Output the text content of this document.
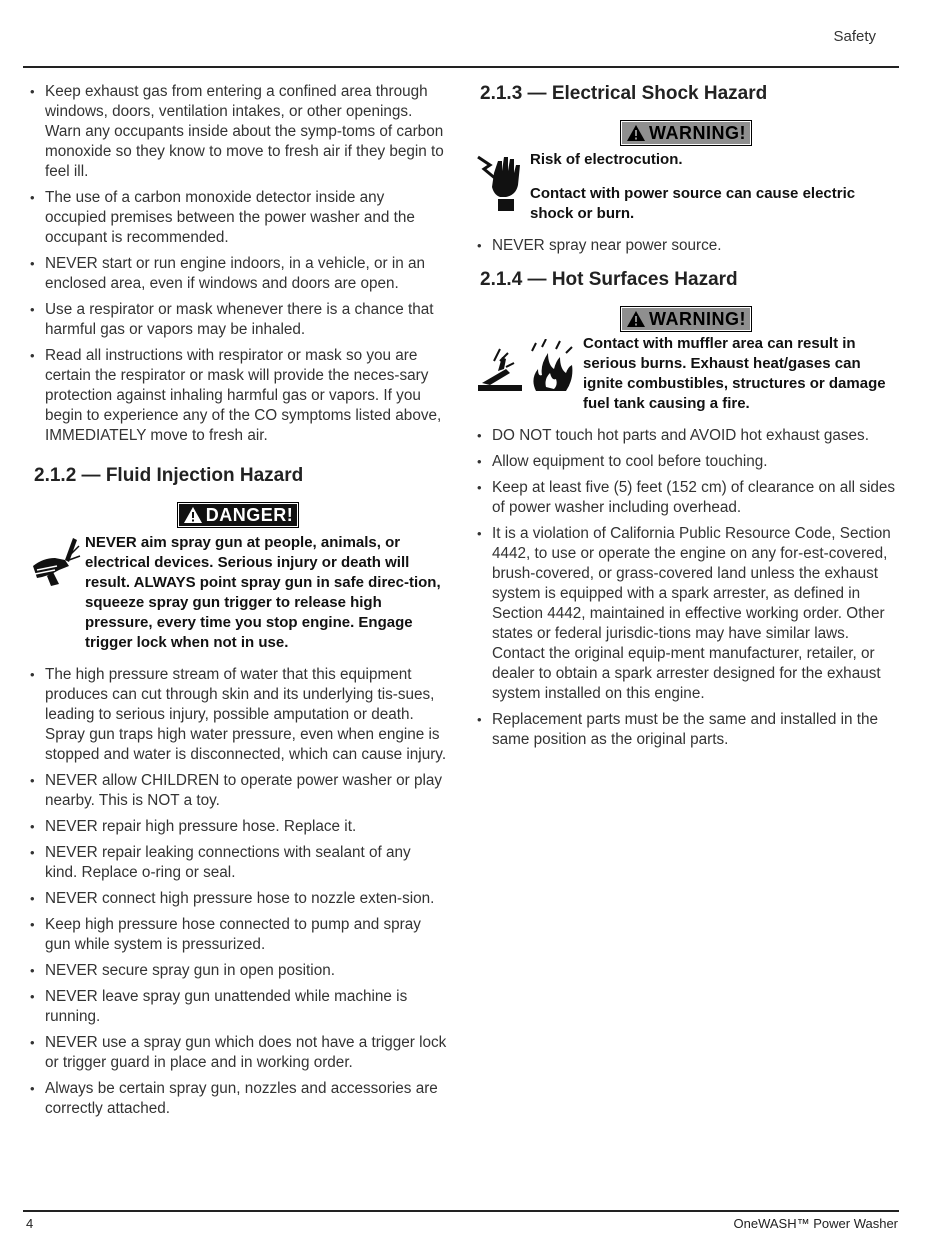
Safety
• Keep exhaust gas from entering a confined area through windows, doors, ventilation intakes, or other openings. Warn any occupants inside about the symp-toms of carbon monoxide so they know to move to fresh air if they begin to feel ill.
• The use of a carbon monoxide detector inside any occupied premises between the power washer and the occupant is recommended.
• NEVER start or run engine indoors, in a vehicle, or in an enclosed area, even if windows and doors are open.
• Use a respirator or mask whenever there is a chance that harmful gas or vapors may be inhaled.
• Read all instructions with respirator or mask so you are certain the respirator or mask will provide the neces-sary protection against inhaling harmful gas or vapors. If you begin to experience any of the CO symptoms listed above, IMMEDIATELY move to fresh air.
2.1.2 — Fluid Injection Hazard
DANGER!

NEVER aim spray gun at people, animals, or electrical devices. Serious injury or death will result. ALWAYS point spray gun in safe direc-tion, squeeze spray gun trigger to release high pressure, every time you stop engine. Engage trigger lock when not in use.

• The high pressure stream of water that this equipment produces can cut through skin and its underlying tis-sues, leading to serious injury, possible amputation or death. Spray gun traps high water pressure, even when engine is stopped and water is disconnected, which can cause injury.
• NEVER allow CHILDREN to operate power washer or play nearby. This is NOT a toy.
• NEVER repair high pressure hose. Replace it.
• NEVER repair leaking connections with sealant of any kind. Replace o-ring or seal.
• NEVER connect high pressure hose to nozzle exten-sion.
• Keep high pressure hose connected to pump and spray gun while system is pressurized.
• NEVER secure spray gun in open position.
• NEVER leave spray gun unattended while machine is running.
• NEVER use a spray gun which does not have a trigger lock or trigger guard in place and in working order.
• Always be certain spray gun, nozzles and accessories are correctly attached.
2.1.3 — Electrical Shock Hazard
WARNING!

Risk of electrocution.

Contact with power source can cause electric shock or burn.

• NEVER spray near power source.
2.1.4 — Hot Surfaces Hazard
WARNING!

Contact with muffler area can result in serious burns. Exhaust heat/gases can ignite combustibles, structures or damage fuel tank causing a fire.

• DO NOT touch hot parts and AVOID hot exhaust gases.
• Allow equipment to cool before touching.
• Keep at least five (5) feet (152 cm) of clearance on all sides of power washer including overhead.
• It is a violation of California Public Resource Code, Section 4442, to use or operate the engine on any for-est-covered, brush-covered, or grass-covered land unless the exhaust system is equipped with a spark arrester, as defined in Section 4442, maintained in effective working order. Other states or federal jurisdic-tions may have similar laws. Contact the original equip-ment manufacturer, retailer, or dealer to obtain a spark arrester designed for the exhaust system installed on this engine.
• Replacement parts must be the same and installed in the same position as the original parts.
4	OneWASH™ Power Washer
